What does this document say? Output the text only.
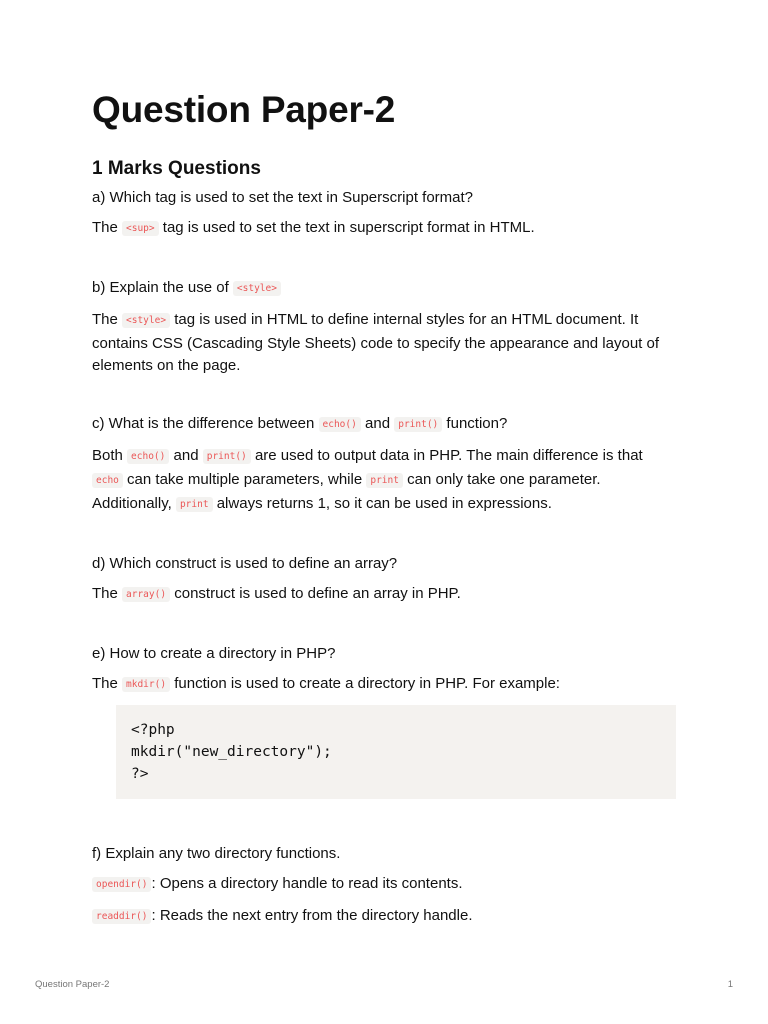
Question Paper-2
1 Marks Questions

a) Which tag is used to set the text in Superscript format?

The <sup> tag is used to set the text in superscript format in HTML.

b) Explain the use of <style>

The <style> tag is used in HTML to define internal styles for an HTML document. It contains CSS (Cascading Style Sheets) code to specify the appearance and layout of elements on the page.

c) What is the difference between echo() and print() function?

Both echo() and print() are used to output data in PHP. The main difference is that echo can take multiple parameters, while print can only take one parameter. Additionally, print always returns 1, so it can be used in expressions.

d) Which construct is used to define an array?

The array() construct is used to define an array in PHP.

e) How to create a directory in PHP?

The mkdir() function is used to create a directory in PHP. For example:

<?php
mkdir("new_directory");
?>

f) Explain any two directory functions.

opendir() : Opens a directory handle to read its contents.

readdir() : Reads the next entry from the directory handle.

Question Paper-2	1
